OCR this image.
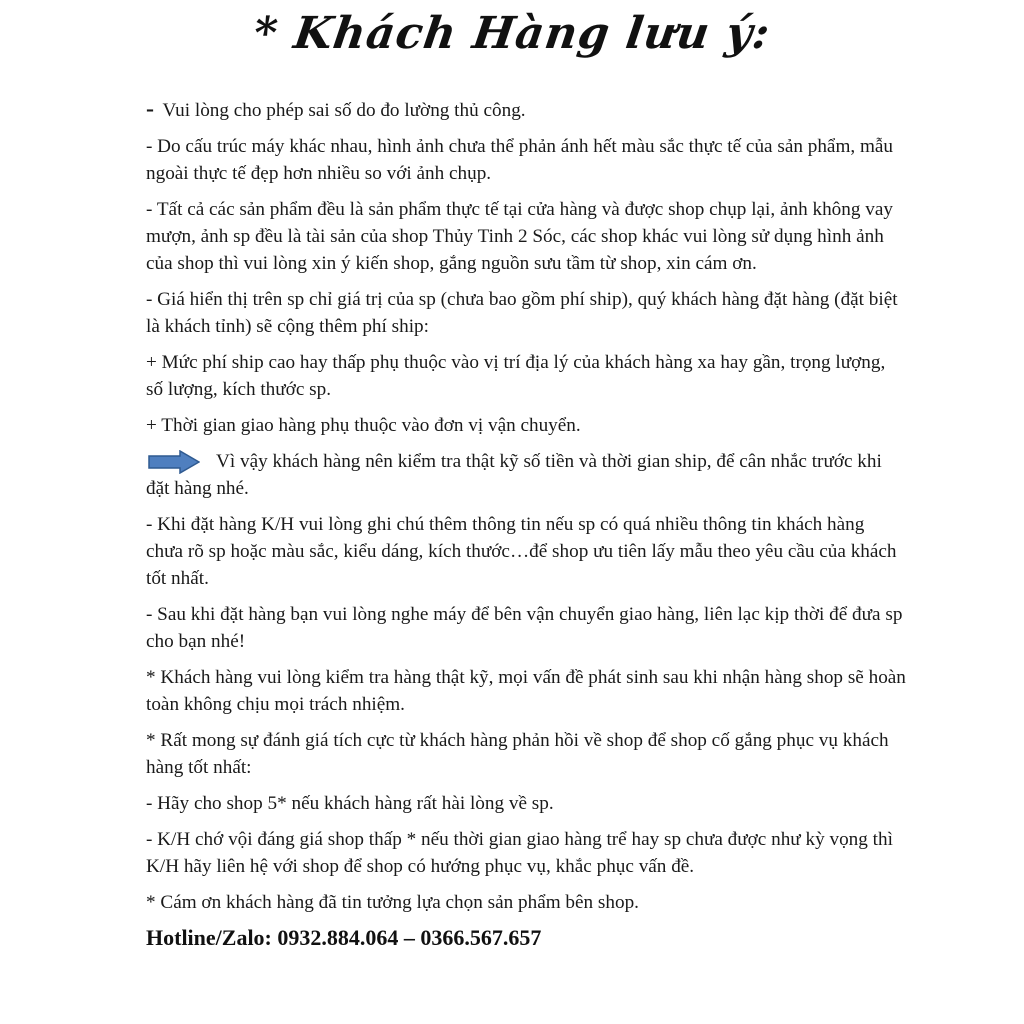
* Khách Hàng lưu ý:

- Vui lòng cho phép sai số do đo lường thủ công.

- Do cấu trúc máy khác nhau, hình ảnh chưa thể phản ánh hết màu sắc thực tế của sản phẩm, mẫu ngoài thực tế đẹp hơn nhiều so với ảnh chụp.

- Tất cả các sản phẩm đều là sản phẩm thực tế tại cửa hàng và được shop chụp lại, ảnh không vay mượn, ảnh sp đều là tài sản của shop Thủy Tinh 2 Sóc, các shop khác vui lòng sử dụng hình ảnh của shop thì vui lòng xin ý kiến shop, gắng nguồn sưu tầm từ shop, xin cám ơn.

- Giá hiển thị trên sp chỉ giá trị của sp (chưa bao gồm phí ship), quý khách hàng đặt hàng (đặt biệt là khách tỉnh) sẽ cộng thêm phí ship:

+ Mức phí ship cao hay thấp phụ thuộc vào vị trí địa lý của khách hàng xa hay gần, trọng lượng, số lượng, kích thước sp.

+ Thời gian giao hàng phụ thuộc vào đơn vị vận chuyển.

Vì vậy khách hàng nên kiểm tra thật kỹ số tiền và thời gian ship, để cân nhắc trước khi đặt hàng nhé.

- Khi đặt hàng K/H vui lòng ghi chú thêm thông tin nếu sp có quá nhiều thông tin khách hàng chưa rõ sp hoặc màu sắc, kiểu dáng, kích thước…để shop ưu tiên lấy mẫu theo yêu cầu của khách tốt nhất.

- Sau khi đặt hàng bạn vui lòng nghe máy để bên vận chuyển giao hàng, liên lạc kịp thời để đưa sp cho bạn nhé!

* Khách hàng vui lòng kiểm tra hàng thật kỹ, mọi vấn đề phát sinh sau khi nhận hàng shop sẽ hoàn toàn không chịu mọi trách nhiệm.

* Rất mong sự đánh giá tích cực từ khách hàng phản hồi về shop để shop cố gắng phục vụ khách hàng tốt nhất:

- Hãy cho shop 5* nếu khách hàng rất hài lòng về sp.

- K/H chớ vội đáng giá shop thấp * nếu thời gian giao hàng trể hay sp chưa được như kỳ vọng thì K/H hãy liên hệ với shop để shop có hướng phục vụ, khắc phục vấn đề.

* Cám ơn khách hàng đã tin tưởng lựa chọn sản phẩm bên shop.

Hotline/Zalo: 0932.884.064 – 0366.567.657
